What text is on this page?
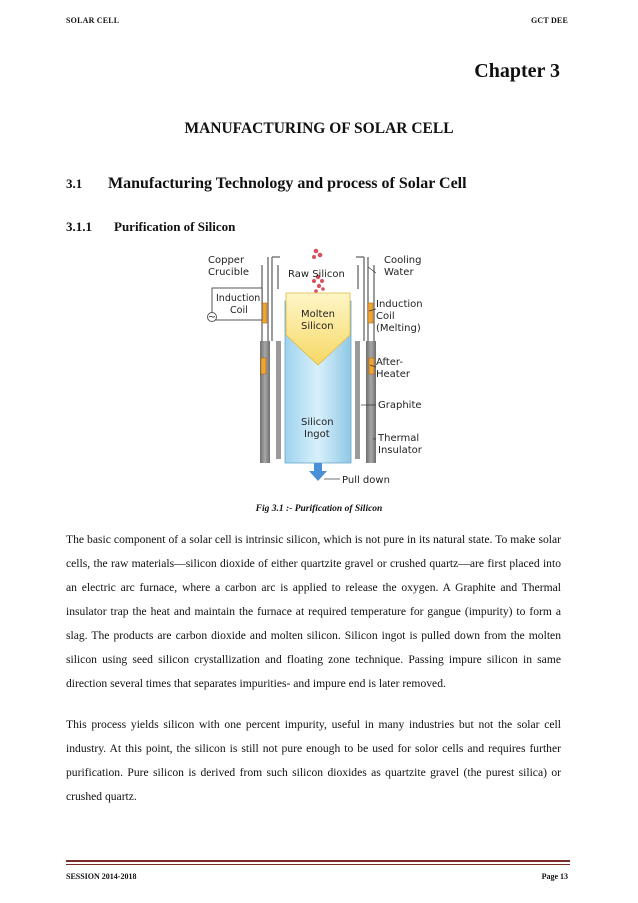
SOLAR CELL	GCT DEE
Chapter 3
MANUFACTURING OF SOLAR CELL
3.1 Manufacturing Technology and process of Solar Cell
3.1.1 Purification of Silicon
~
Copper
Crucible	Raw Silicon
Cooling
Water
Induction
Coil	Molten
Silicon
Induction
Coil
(Melting)
After-
Heater
Graphite
Silicon
Ingot	Thermal
Insulator
Pull down
Fig 3.1 :- Purification of Silicon

The basic component of a solar cell is intrinsic silicon, which is not pure in its natural state. To make solar cells, the raw materials—silicon dioxide of either quartzite gravel or crushed quartz—are first placed into an electric arc furnace, where a carbon arc is applied to release the oxygen. A Graphite and Thermal insulator trap the heat and maintain the furnace at required temperature for gangue (impurity) to form a slag. The products are carbon dioxide and molten silicon. Silicon ingot is pulled down from the molten silicon using seed silicon crystallization and floating zone technique. Passing impure silicon in same direction several times that separates impurities- and impure end is later removed.

This process yields silicon with one percent impurity, useful in many industries but not the solar cell industry. At this point, the silicon is still not pure enough to be used for solor cells and requires further purification. Pure silicon is derived from such silicon dioxides as quartzite gravel (the purest silica) or crushed quartz.

SESSION 2014-2018	Page 13
